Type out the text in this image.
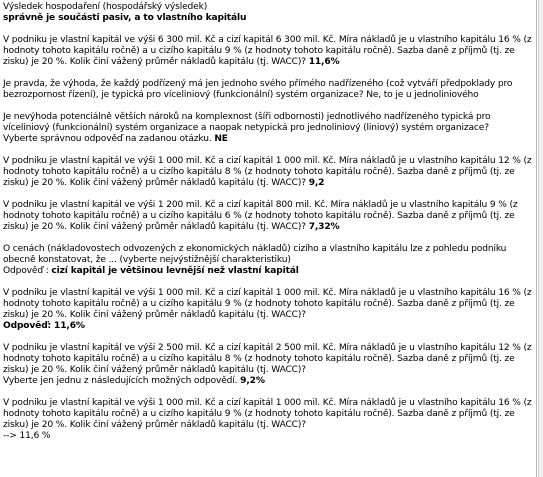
Výsledek hospodaření (hospodářský výsledek)

správně je součásti pasiv, a to vlastního kapitálu

V podniku je vlastní kapitál ve výši 6 300 mil. Kč a cizí kapitál 6 300 mil. Kč. Míra nákladů je u vlastního kapitálu 16 % (z hodnoty tohoto kapitálu ročně) a u cizího kapitálu 9 % (z hodnoty tohoto kapitálu ročně). Sazba daně z příjmů (tj. ze zisku) je 20 %. Kolik činí vážený průměr nákladů kapitálu (tj. WACC)? 11,6%

Je pravda, že výhoda, že každý podřízený má jen jednoho svého přímého nadřízeného (což vytváří předpoklady pro bezrozpornost řízení), je typická pro víceliniový (funkcionální) systém organizace? Ne, to je u jednoliniového

Je nevýhoda potenciálně větších nároků na komplexnost (šíři odbornosti) jednotlivého nadřízeného typická pro víceliniový (funkcionální) systém organizace a naopak netypická pro jednoliniový (liniový) systém organizace?

Vyberte správnou odpověď na zadanou otázku. NE

V podniku je vlastní kapitál ve výši 1 000 mil. Kč a cizí kapitál 1 000 mil. Kč. Míra nákladů je u vlastního kapitálu 12 % (z hodnoty tohoto kapitálu ročně) a u cizího kapitálu 8 % (z hodnoty tohoto kapitálu ročně). Sazba daně z příjmů (tj. ze zisku) je 20 %. Kolik činí vážený průměr nákladů kapitálu (tj. WACC)? 9,2

V podniku je vlastní kapitál ve výši 1 200 mil. Kč a cizí kapitál 800 mil. Kč. Míra nákladů je u vlastního kapitálu 9 % (z hodnoty tohoto kapitálu ročně) a u cizího kapitálu 6 % (z hodnoty tohoto kapitálu ročně). Sazba daně z příjmů (tj. ze zisku) je 20 %. Kolik činí vážený průměr nákladů kapitálu (tj. WACC)? 7,32%

O cenách (nákladovostech odvozených z ekonomických nákladů) cizího a vlastního kapitálu lze z pohledu podniku obecně konstatovat, že ... (vyberte nejvýstižnější charakteristiku)

Odpověď : cizí kapitál je většinou levnější než vlastní kapitál

V podniku je vlastní kapitál ve výši 1 000 mil. Kč a cizí kapitál 1 000 mil. Kč. Míra nákladů je u vlastního kapitálu 16 % (z hodnoty tohoto kapitálu ročně) a u cizího kapitálu 9 % (z hodnoty tohoto kapitálu ročně). Sazba daně z příjmů (tj. ze zisku) je 20 %. Kolik činí vážený průměr nákladů kapitálu (tj. WACC)?

Odpověď: 11,6%

V podniku je vlastní kapitál ve výši 2 500 mil. Kč a cizí kapitál 2 500 mil. Kč. Míra nákladů je u vlastního kapitálu 12 % (z hodnoty tohoto kapitálu ročně) a u cizího kapitálu 8 % (z hodnoty tohoto kapitálu ročně). Sazba daně z příjmů (tj. ze zisku) je 20 %. Kolik činí vážený průměr nákladů kapitálu (tj. WACC)?

Vyberte jen jednu z následujících možných odpovědí. 9,2%

V podniku je vlastní kapitál ve výši 1 000 mil. Kč a cizí kapitál 1 000 mil. Kč. Míra nákladů je u vlastního kapitálu 16 % (z hodnoty tohoto kapitálu ročně) a u cizího kapitálu 9 % (z hodnoty tohoto kapitálu ročně). Sazba daně z příjmů (tj. ze zisku) je 20 %. Kolik činí vážený průměr nákladů kapitálu (tj. WACC)?

--> 11,6 %
